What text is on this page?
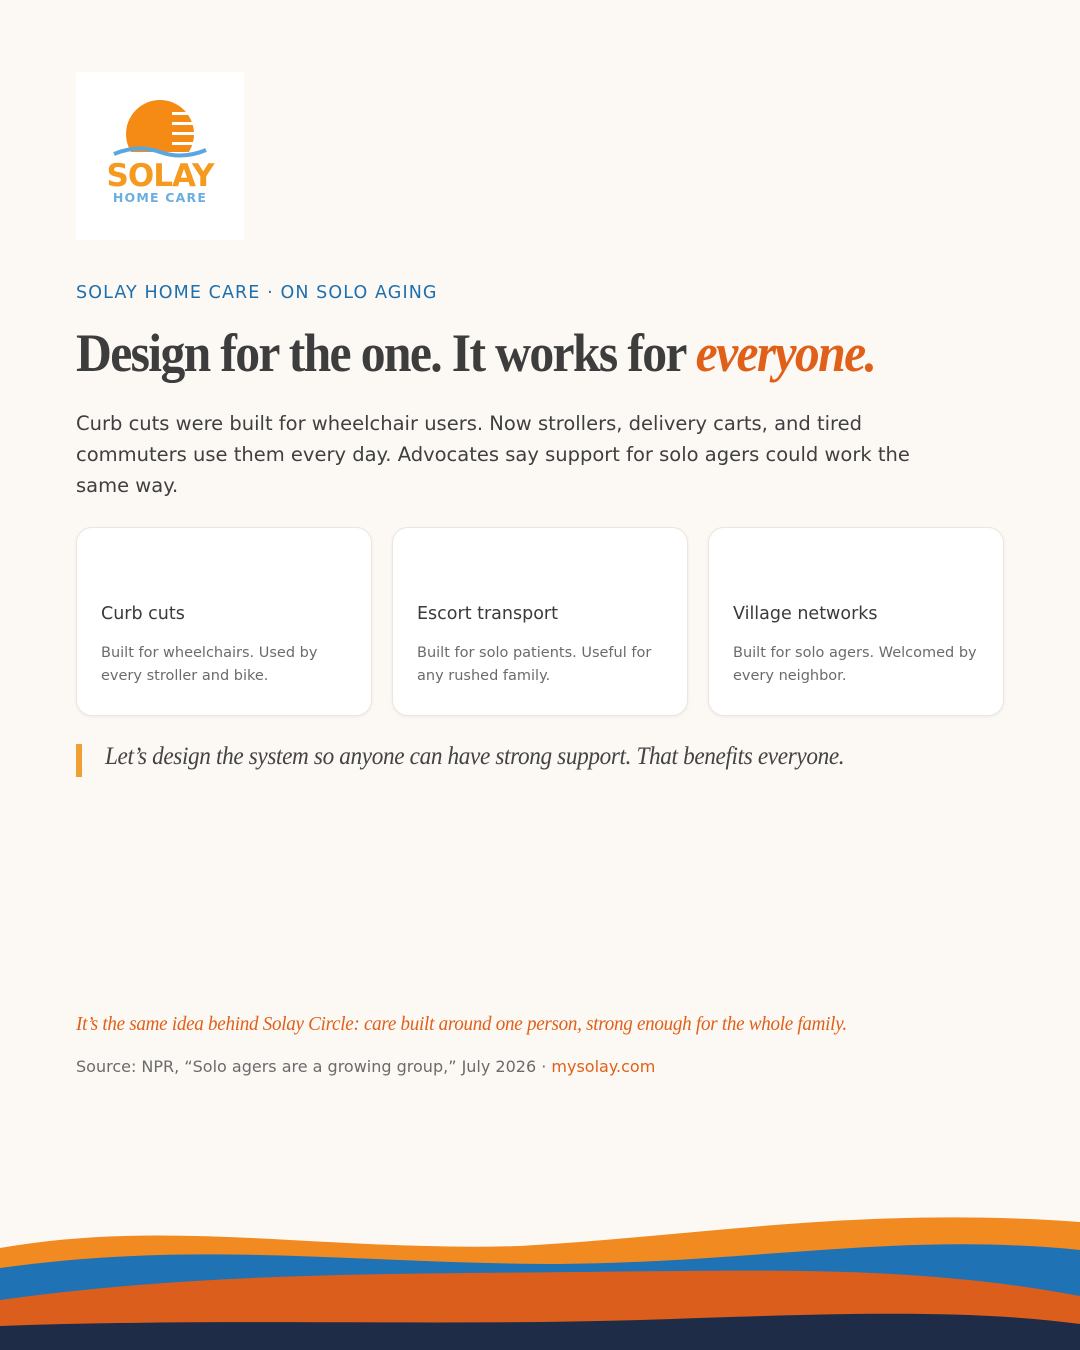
SOLAY
HOME CARE
SOLAY HOME CARE · ON SOLO AGING
Design for the one. It works for everyone.

Curb cuts were built for wheelchair users. Now strollers, delivery carts, and tired commuters use them every day. Advocates say support for solo agers could work the same way.

Curb cuts
Built for wheelchairs. Used by every stroller and bike.
Escort transport
Built for solo patients. Useful for any rushed family.
Village networks
Built for solo agers. Welcomed by every neighbor.
Let’s design the system so anyone can have strong support. That benefits everyone.

It’s the same idea behind Solay Circle: care built around one person, strong enough for the whole family.

Source: NPR, “Solo agers are a growing group,” July 2026 · mysolay.com
